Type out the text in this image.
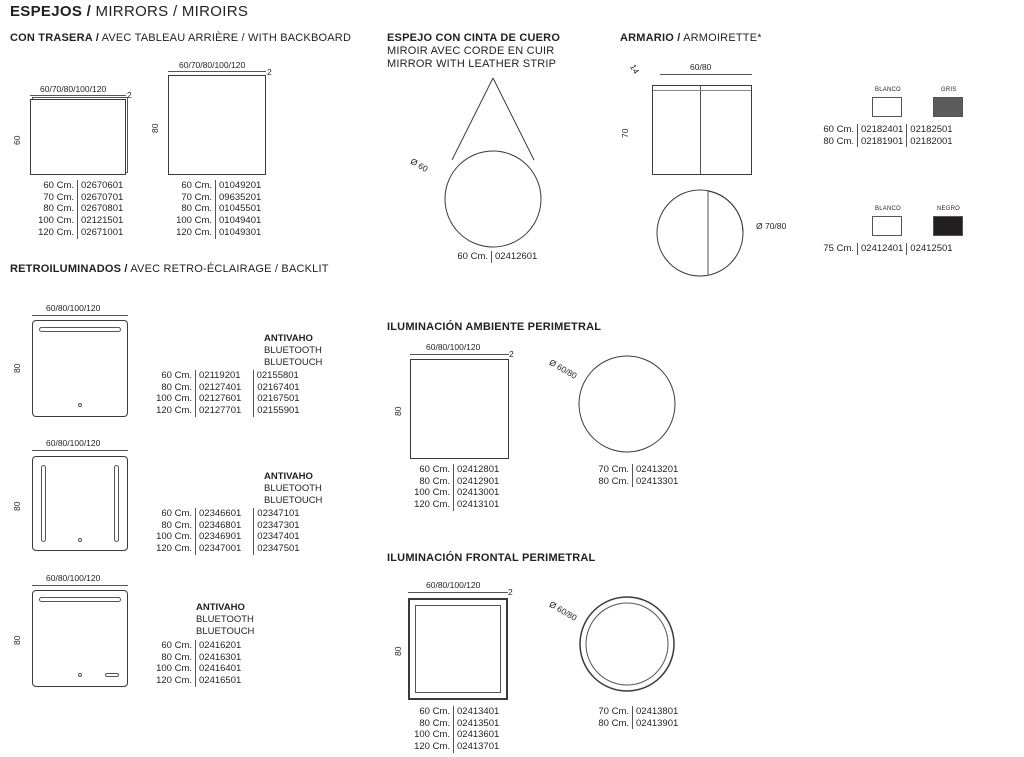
ESPEJOS / MIRRORS / MIROIRS
CON TRASERA / AVEC TABLEAU ARRIÈRE / WITH BACKBOARD
60/70/80/100/120
2
60
60 Cm. 02670601
70 Cm. 02670701
80 Cm. 02670801
100 Cm. 02121501
120 Cm. 02671001
60/70/80/100/120
2
80
60 Cm. 01049201
70 Cm. 09635201
80 Cm. 01045501
100 Cm. 01049401
120 Cm. 01049301
ESPEJO CON CINTA DE CUERO
MIROIR AVEC CORDE EN CUIR
MIRROR WITH LEATHER STRIP
Ø 60
60 Cm. 02412601
ARMARIO / ARMOIRETTE*
60/80
14
70
Ø 70/80
BLANCO	GRIS
60 Cm. 02182401 02182501
80 Cm. 02181901 02182001
BLANCO	NEGRO
75 Cm. 02412401 02412501
RETROILUMINADOS / AVEC RETRO-ÉCLAIRAGE / BACKLIT
60/80/100/120
80
ANTIVAHO
BLUETOOTH
BLUETOUCH
60 Cm. 02119201	02155801
80 Cm. 02127401	02167401
100 Cm. 02127601	02167501
120 Cm. 02127701	02155901
60/80/100/120
80
ANTIVAHO
BLUETOOTH
BLUETOUCH
60 Cm. 02346601	02347101
80 Cm. 02346801	02347301
100 Cm. 02346901	02347401
120 Cm. 02347001	02347501
60/80/100/120
80
ANTIVAHO
BLUETOOTH
BLUETOUCH
60 Cm. 02416201
80 Cm. 02416301
100 Cm. 02416401
120 Cm. 02416501
ILUMINACIÓN AMBIENTE PERIMETRAL
60/80/100/120
2
80
Ø 60/80
60 Cm. 02412801
80 Cm. 02412901
100 Cm. 02413001
120 Cm. 02413101
70 Cm. 02413201
80 Cm. 02413301
ILUMINACIÓN FRONTAL PERIMETRAL
60/80/100/120
2
80
Ø 60/80
60 Cm. 02413401
80 Cm. 02413501
100 Cm. 02413601
120 Cm. 02413701
70 Cm. 02413801
80 Cm. 02413901
